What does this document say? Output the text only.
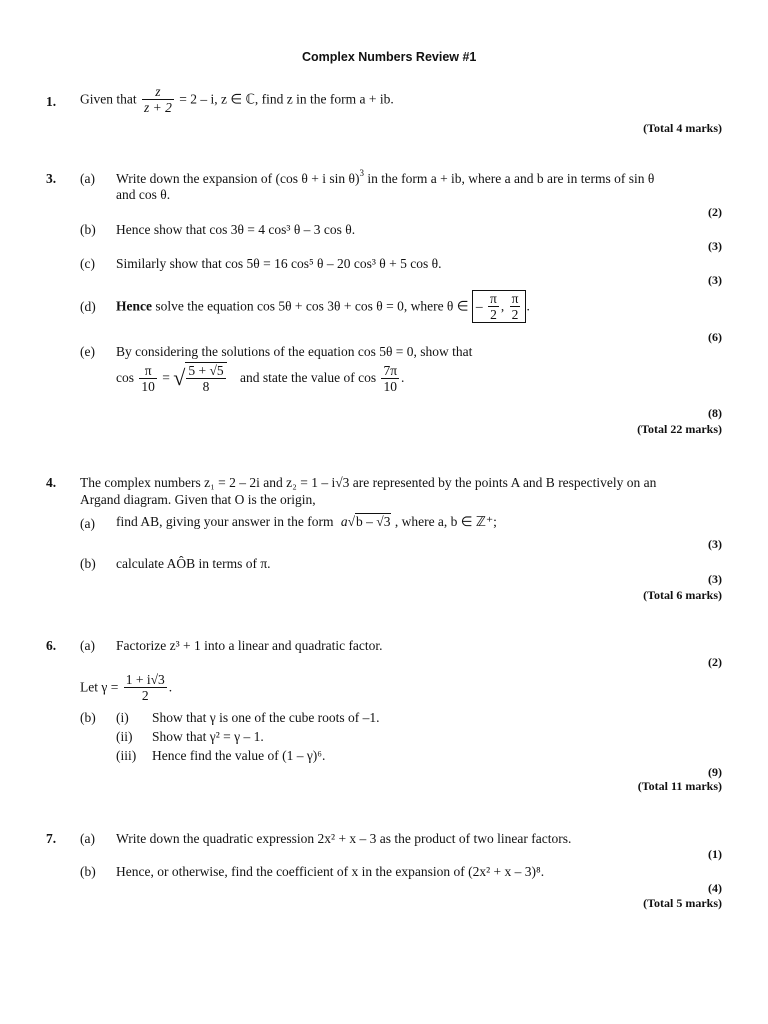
Complex Numbers Review #1
1. Given that $\frac{z}{z + 2} = 2 - i$, z ∈ ℂ, find z in the form a + ib.
(Total 4 marks)
3. (a) Write down the expansion of (cos θ + i sin θ)$^3$ in the form a + ib, where a and b are in terms of sin θ
and cos θ.
(2)
(b) Hence show that cos 3θ = 4 cos³ θ – 3 cos θ.
(3)
(c) Similarly show that cos 5θ = 16 cos⁵ θ – 20 cos³ θ + 5 cos θ.
(3)
(d) Hence solve the equation cos 5θ + cos 3θ + cos θ = 0, where θ ∈ – $\frac{\pi}{2}$ , $\frac{\pi}{2}$ .
(6)
(e) By considering the solutions of the equation cos 5θ = 0, show that
$\cos \frac{\pi}{10}$ = √ $\frac{5 + √5}{8}$ and state the value of $\cos \frac{7\pi}{10}$ .
(8)
(Total 22 marks)
4. The complex numbers z₁ = 2 – 2i and z₂ = 1 – i√3 are represented by the points A and B respectively on an
Argand diagram. Given that O is the origin,
(a) find AB, giving your answer in the form a√b – √3 , where a, b ∈ ℤ⁺;
(3)
(b) calculate AÔB in terms of π.
(3)
(Total 6 marks)
6. (a) Factorize z³ + 1 into a linear and quadratic factor.
(2)
Let $\gamma = \frac{1 + i√3}{2}$ .
(b) (i) Show that γ is one of the cube roots of –1.
(ii) Show that γ² = γ – 1.
(iii) Hence find the value of (1 – γ)⁶.
(9)
(Total 11 marks)
7. (a) Write down the quadratic expression 2x² + x – 3 as the product of two linear factors.
(1)
(b) Hence, or otherwise, find the coefficient of x in the expansion of (2x² + x – 3)⁸.
(4)
(Total 5 marks)
